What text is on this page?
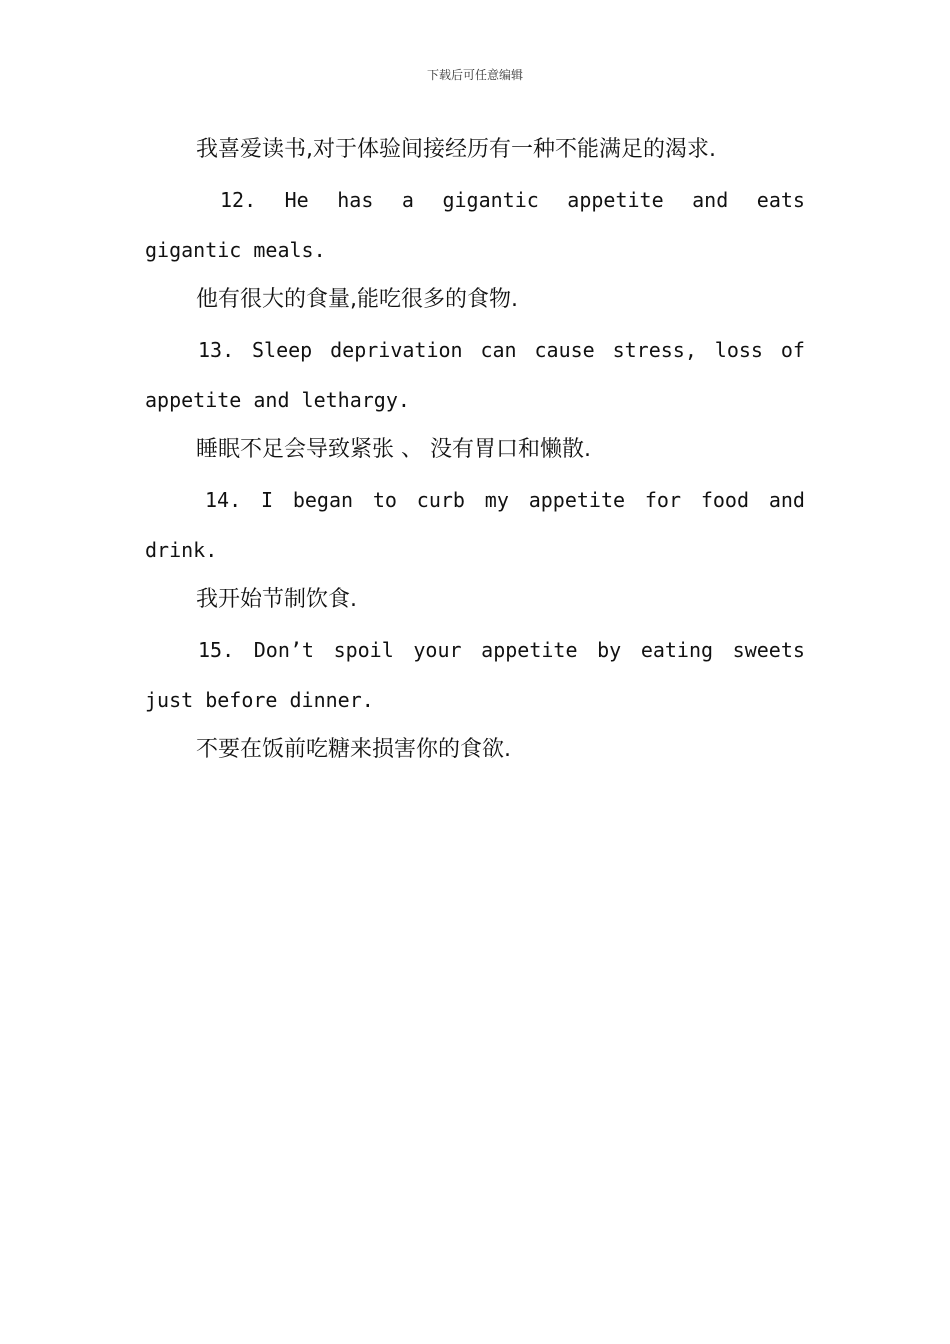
下载后可任意编辑
我喜爱读书,对于体验间接经历有一种不能满足的渴求.
12. He has a gigantic appetite and eats
gigantic meals.
他有很大的食量,能吃很多的食物.
13. Sleep deprivation can cause stress, loss of
appetite and lethargy.
睡眠不足会导致紧张 、 没有胃口和懒散.
14. I began to curb my appetite for food and
drink.
我开始节制饮食.
15. Don’t spoil your appetite by eating sweets
just before dinner.
不要在饭前吃糖来损害你的食欲.
